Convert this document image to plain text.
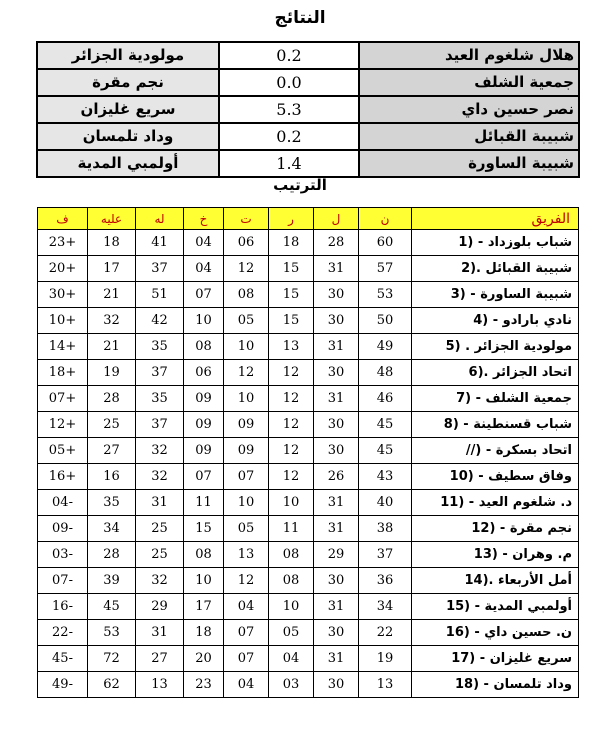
النتائج
مولودية الجزائر	0.2	هلال شلغوم العيد
نجم مقرة	0.0	جمعية الشلف
سريع غليزان	5.3	نصر حسين داي
وداد تلمسان	0.2	شبيبة القبائل
أولمبي المدية	1.4	شبيبة الساورة
الترتيب
ف	عليه	له	خ	ت	ر	ل	ن	الفريق
23+	18	41	04	06	18	28	60	1) - شباب بلوزداد
20+	17	37	04	12	15	31	57	2). شبيبة القبائل
30+	21	51	07	08	15	30	53	3) - شبيبة الساورة
10+	32	42	10	05	15	30	50	4) - نادي بارادو
14+	21	35	08	10	13	31	49	5) . مولودية الجزائر
18+	19	37	06	12	12	30	48	6). اتحاد الجزائر
07+	28	35	09	10	12	31	46	7) - جمعية الشلف
12+	25	37	09	09	12	30	45	8) - شباب قسنطينة
05+	27	32	09	09	12	30	45	//) - اتحاد بسكرة
16+	16	32	07	07	12	26	43	10) - وفاق سطيف
04-	35	31	11	10	10	31	40	11) - د. شلغوم العيد
09-	34	25	15	05	11	31	38	12) - نجم مقرة
03-	28	25	08	13	08	29	37	13) - م. وهران
07-	39	32	10	12	08	30	36	14). أمل الأربعاء
16-	45	29	17	04	10	31	34	15) - أولمبي المدية
22-	53	31	18	07	05	30	22	16) - ن. حسين داي
45-	72	27	20	07	04	31	19	17) - سريع غليزان
49-	62	13	23	04	03	30	13	18) - وداد تلمسان
